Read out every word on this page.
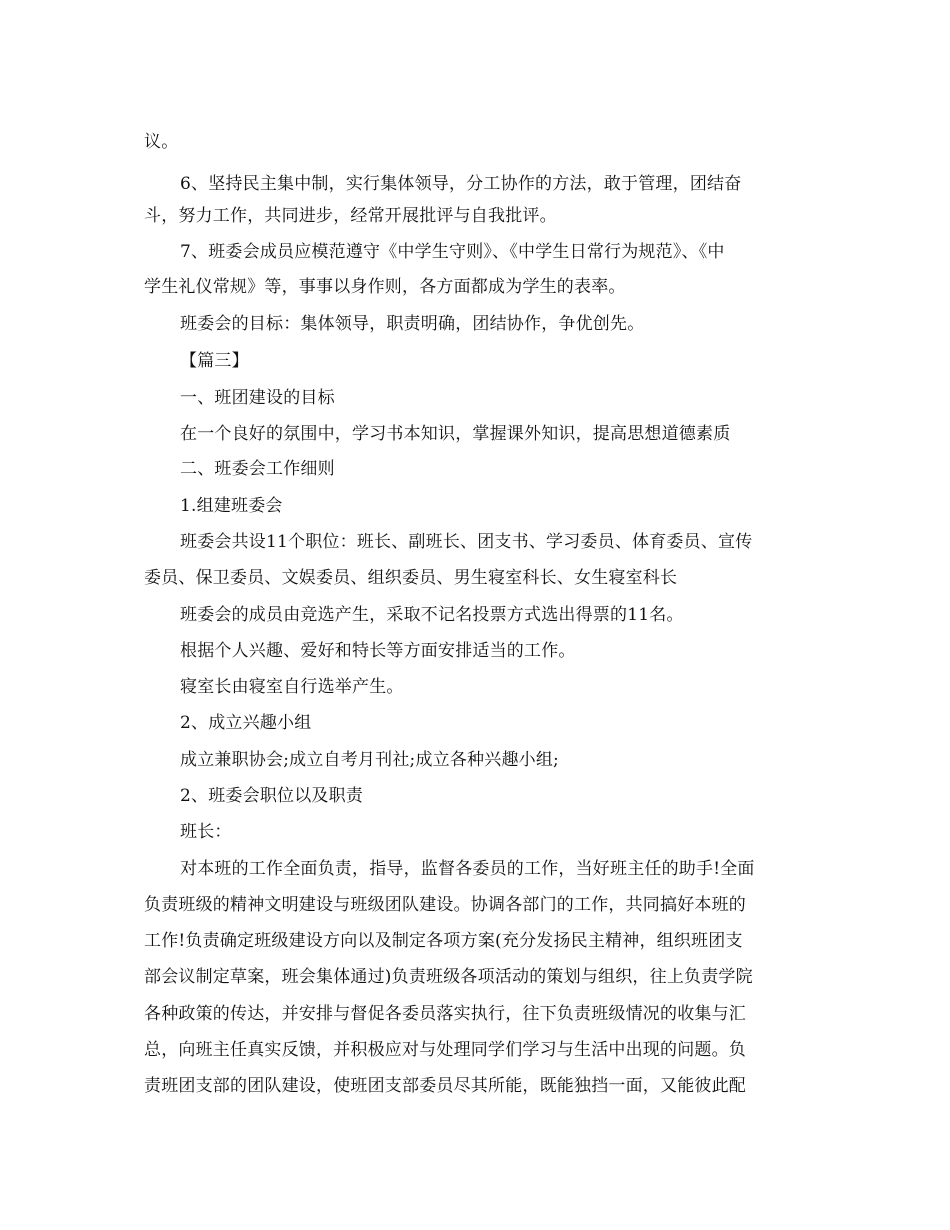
议。
6、坚持民主集中制，实行集体领导，分工协作的方法，敢于管理，团结奋
斗，努力工作，共同进步，经常开展批评与自我批评。
7、班委会成员应模范遵守《中学生守则》、《中学生日常行为规范》、《中
学生礼仪常规》等，事事以身作则，各方面都成为学生的表率。
班委会的目标：集体领导，职责明确，团结协作，争优创先。
【篇三】
一、班团建设的目标
在一个良好的氛围中，学习书本知识，掌握课外知识，提高思想道德素质
二、班委会工作细则
1.组建班委会
班委会共设11个职位：班长、副班长、团支书、学习委员、体育委员、宣传
委员、保卫委员、文娱委员、组织委员、男生寝室科长、女生寝室科长
班委会的成员由竞选产生，采取不记名投票方式选出得票的11名。
根据个人兴趣、爱好和特长等方面安排适当的工作。
寝室长由寝室自行选举产生。
2、成立兴趣小组
成立兼职协会;成立自考月刊社;成立各种兴趣小组;
2、班委会职位以及职责
班长：
对本班的工作全面负责，指导，监督各委员的工作，当好班主任的助手!全面
负责班级的精神文明建设与班级团队建设。协调各部门的工作，共同搞好本班的
工作!负责确定班级建设方向以及制定各项方案(充分发扬民主精神，组织班团支
部会议制定草案，班会集体通过)负责班级各项活动的策划与组织，往上负责学院
各种政策的传达，并安排与督促各委员落实执行，往下负责班级情况的收集与汇
总，向班主任真实反馈，并积极应对与处理同学们学习与生活中出现的问题。负
责班团支部的团队建设，使班团支部委员尽其所能，既能独挡一面，又能彼此配
